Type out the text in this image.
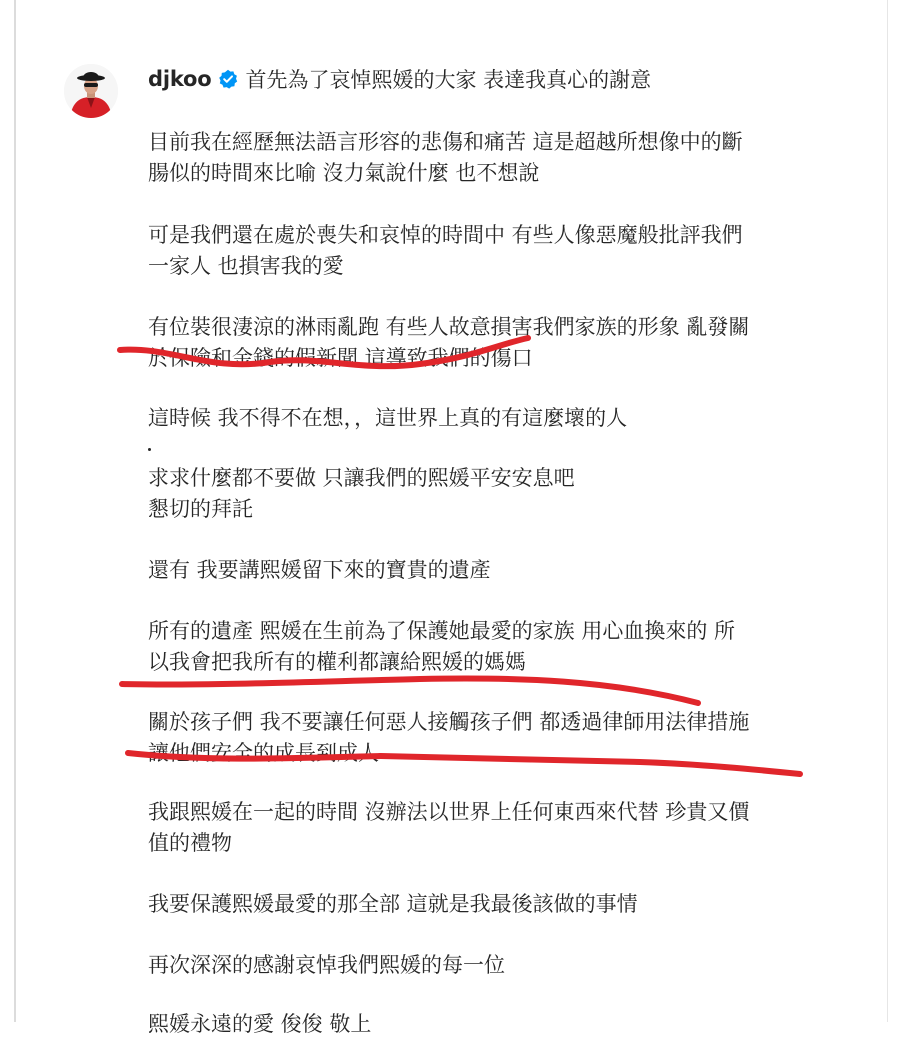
djkoo 首先為了哀悼熙媛的大家 表達我真心的謝意
目前我在經歷無法語言形容的悲傷和痛苦 這是超越所想像中的斷
腸似的時間來比喻 沒力氣說什麼 也不想說
可是我們還在處於喪失和哀悼的時間中 有些人像惡魔般批評我們
一家人 也損害我的愛
有位裝很淒涼的淋雨亂跑 有些人故意損害我們家族的形象 亂發關
於保險和金錢的假新聞 這導致我們的傷口
這時候 我不得不在想，，這世界上真的有這麼壞的人
求求什麼都不要做 只讓我們的熙媛平安安息吧
懇切的拜託
還有 我要講熙媛留下來的寶貴的遺產
所有的遺產 熙媛在生前為了保護她最愛的家族 用心血換來的 所
以我會把我所有的權利都讓給熙媛的媽媽
關於孩子們 我不要讓任何惡人接觸孩子們 都透過律師用法律措施
讓他們安全的成長到成人
我跟熙媛在一起的時間 沒辦法以世界上任何東西來代替 珍貴又價
值的禮物
我要保護熙媛最愛的那全部 這就是我最後該做的事情
再次深深的感謝哀悼我們熙媛的每一位
熙媛永遠的愛 俊俊 敬上
